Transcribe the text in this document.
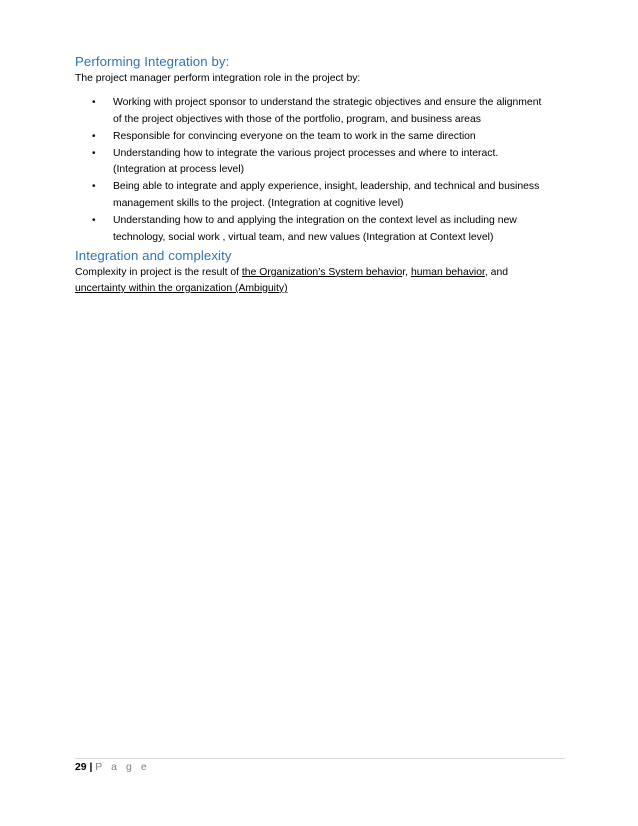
Performing Integration by:

The project manager perform integration role in the project by:

• Working with project sponsor to understand the strategic objectives and ensure the alignment
of the project objectives with those of the portfolio, program, and business areas
• Responsible for convincing everyone on the team to work in the same direction
• Understanding how to integrate the various project processes and where to interact.
(Integration at process level)
• Being able to integrate and apply experience, insight, leadership, and technical and business
management skills to the project. (Integration at cognitive level)
• Understanding how to and applying the integration on the context level as including new
technology, social work , virtual team, and new values (Integration at Context level)
Integration and complexity

Complexity in project is the result of the Organization’s System behavior, human behavior, and
uncertainty within the organization (Ambiguity)

29 | P a g e
